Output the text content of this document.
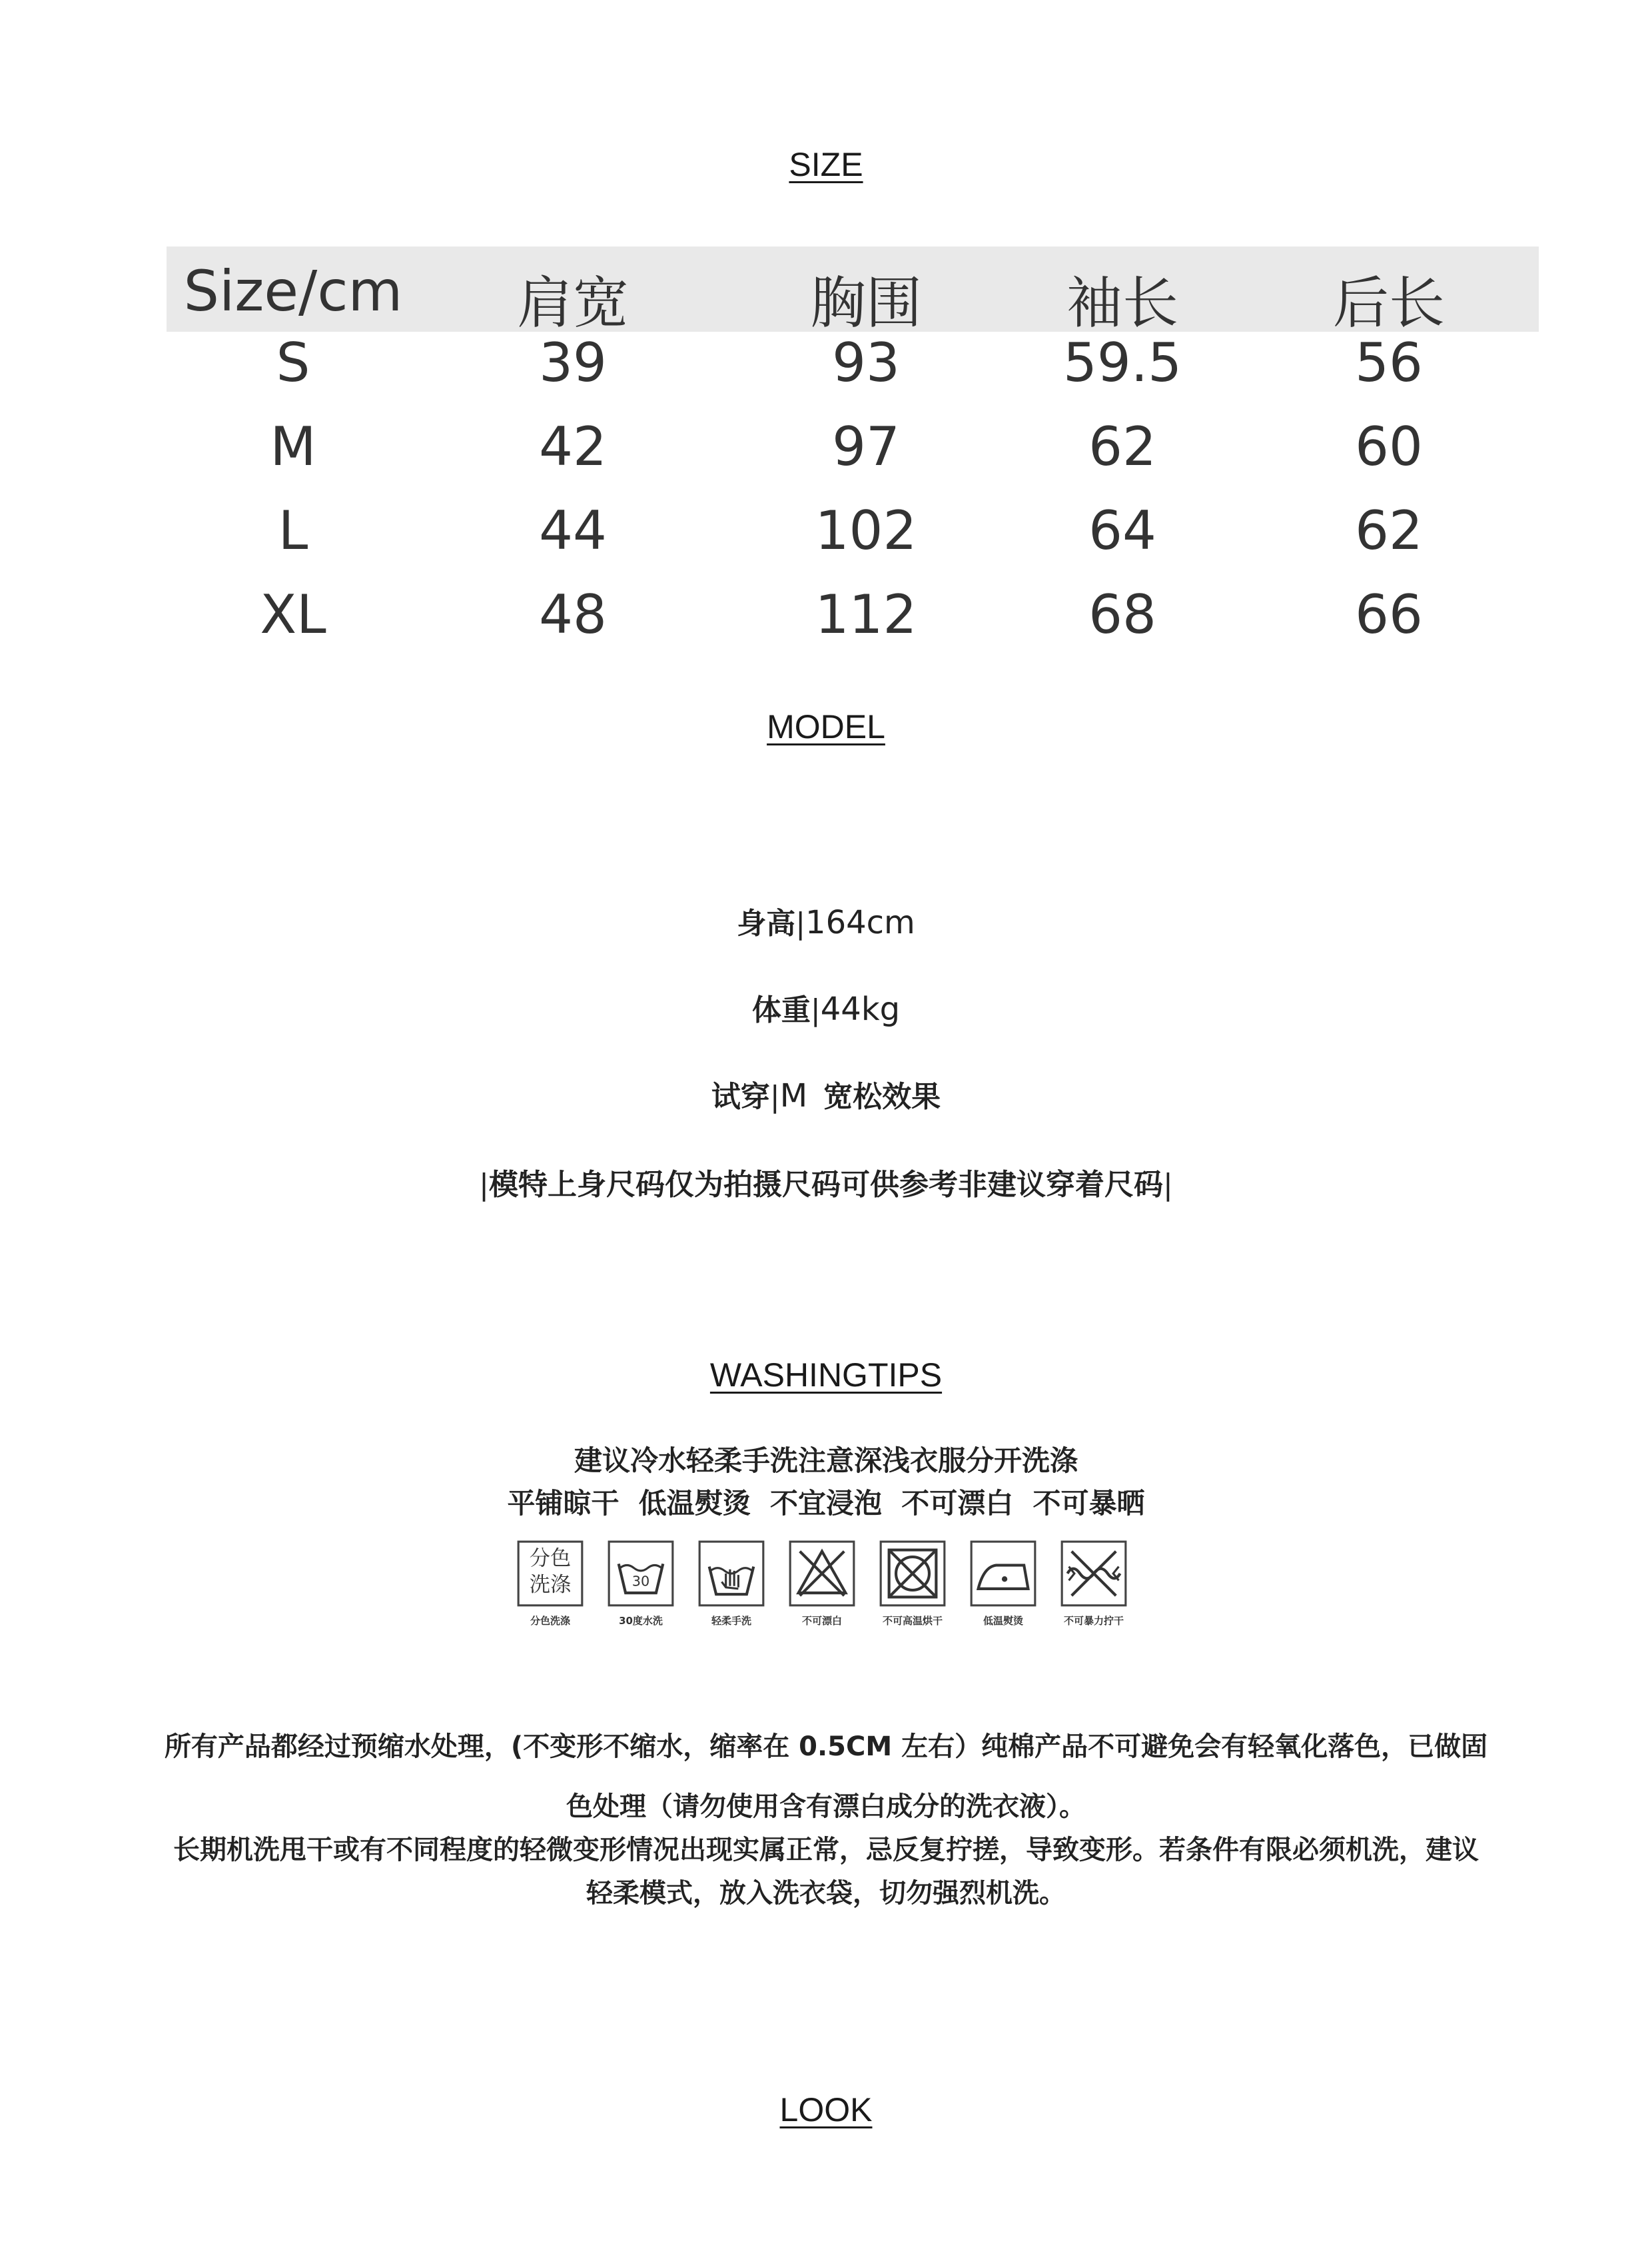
SIZE
Size/cm	肩宽	胸围	袖长	后长
S	39	93	59.5	56
M	42	97	62	60
L	44	102	64	62
XL	48	112	68	66
MODEL
身高|164cm
体重|44kg
试穿|M 宽松效果
|模特上身尺码仅为拍摄尺码可供参考非建议穿着尺码|
WASHINGTIPS
建议冷水轻柔手洗注意深浅衣服分开洗涤
平铺晾干  低温熨烫  不宜浸泡  不可漂白  不可暴晒
分色
洗涤
分色洗涤
30
30度水洗	轻柔手洗	不可漂白	不可高温烘干	低温熨烫	不可暴力拧干
所有产品都经过预缩水处理，(不变形不缩水，缩率在 0.5CM 左右）纯棉产品不可避免会有轻氧化落色，已做固
色处理（请勿使用含有漂白成分的洗衣液）。
长期机洗甩干或有不同程度的轻微变形情况出现实属正常，忌反复拧搓，导致变形。若条件有限必须机洗，建议
轻柔模式，放入洗衣袋，切勿强烈机洗。
LOOK
